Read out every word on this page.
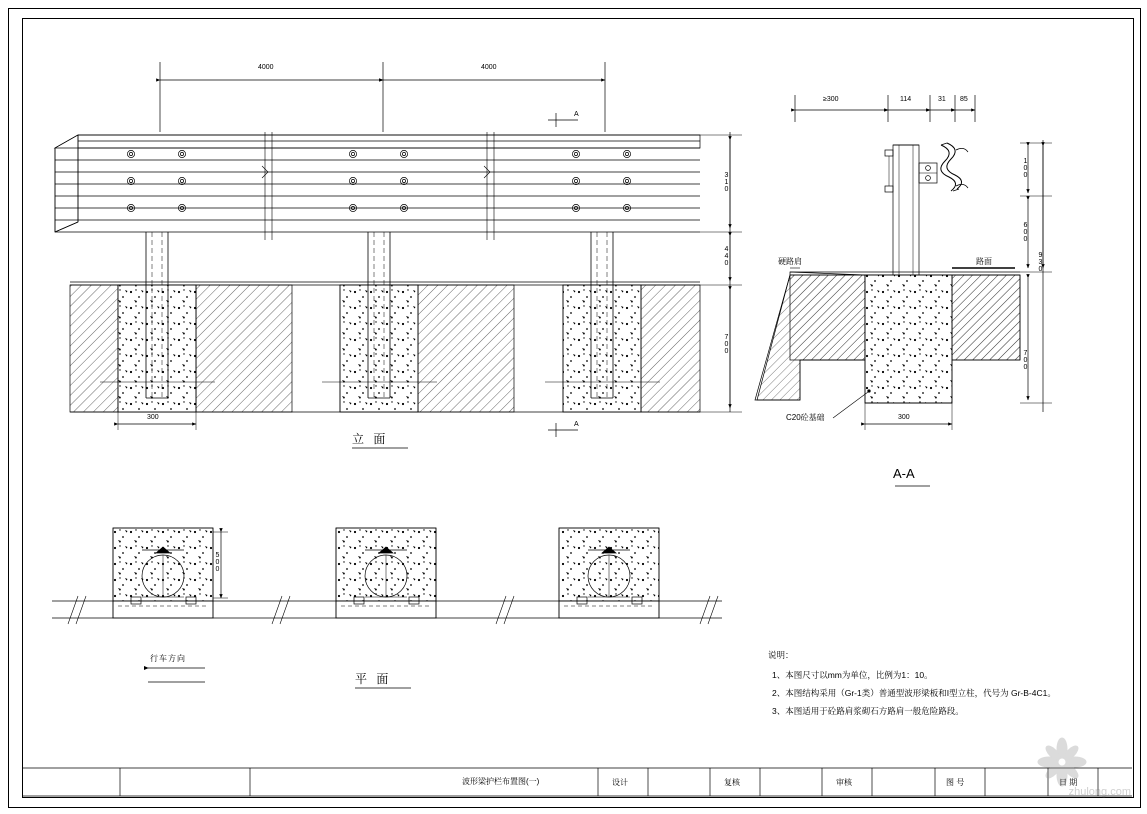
4000	4000
310
440
700
300
A
A
立 面
500
行车方向
平 面
≥300	114	31 85
100
600
930
700
300
硬路肩	路面
C20砼基础
A-A
说明：
1、本图尺寸以mm为单位，比例为1：10。
2、本图结构采用（Gr-1类）普通型波形梁板和I型立柱，代号为 Gr-B-4C1。
3、本图适用于砼路肩浆砌石方路肩一般危险路段。
波形梁护栏布置图(一)	设计	复核	审核	图 号	日 期
zhulong.com
